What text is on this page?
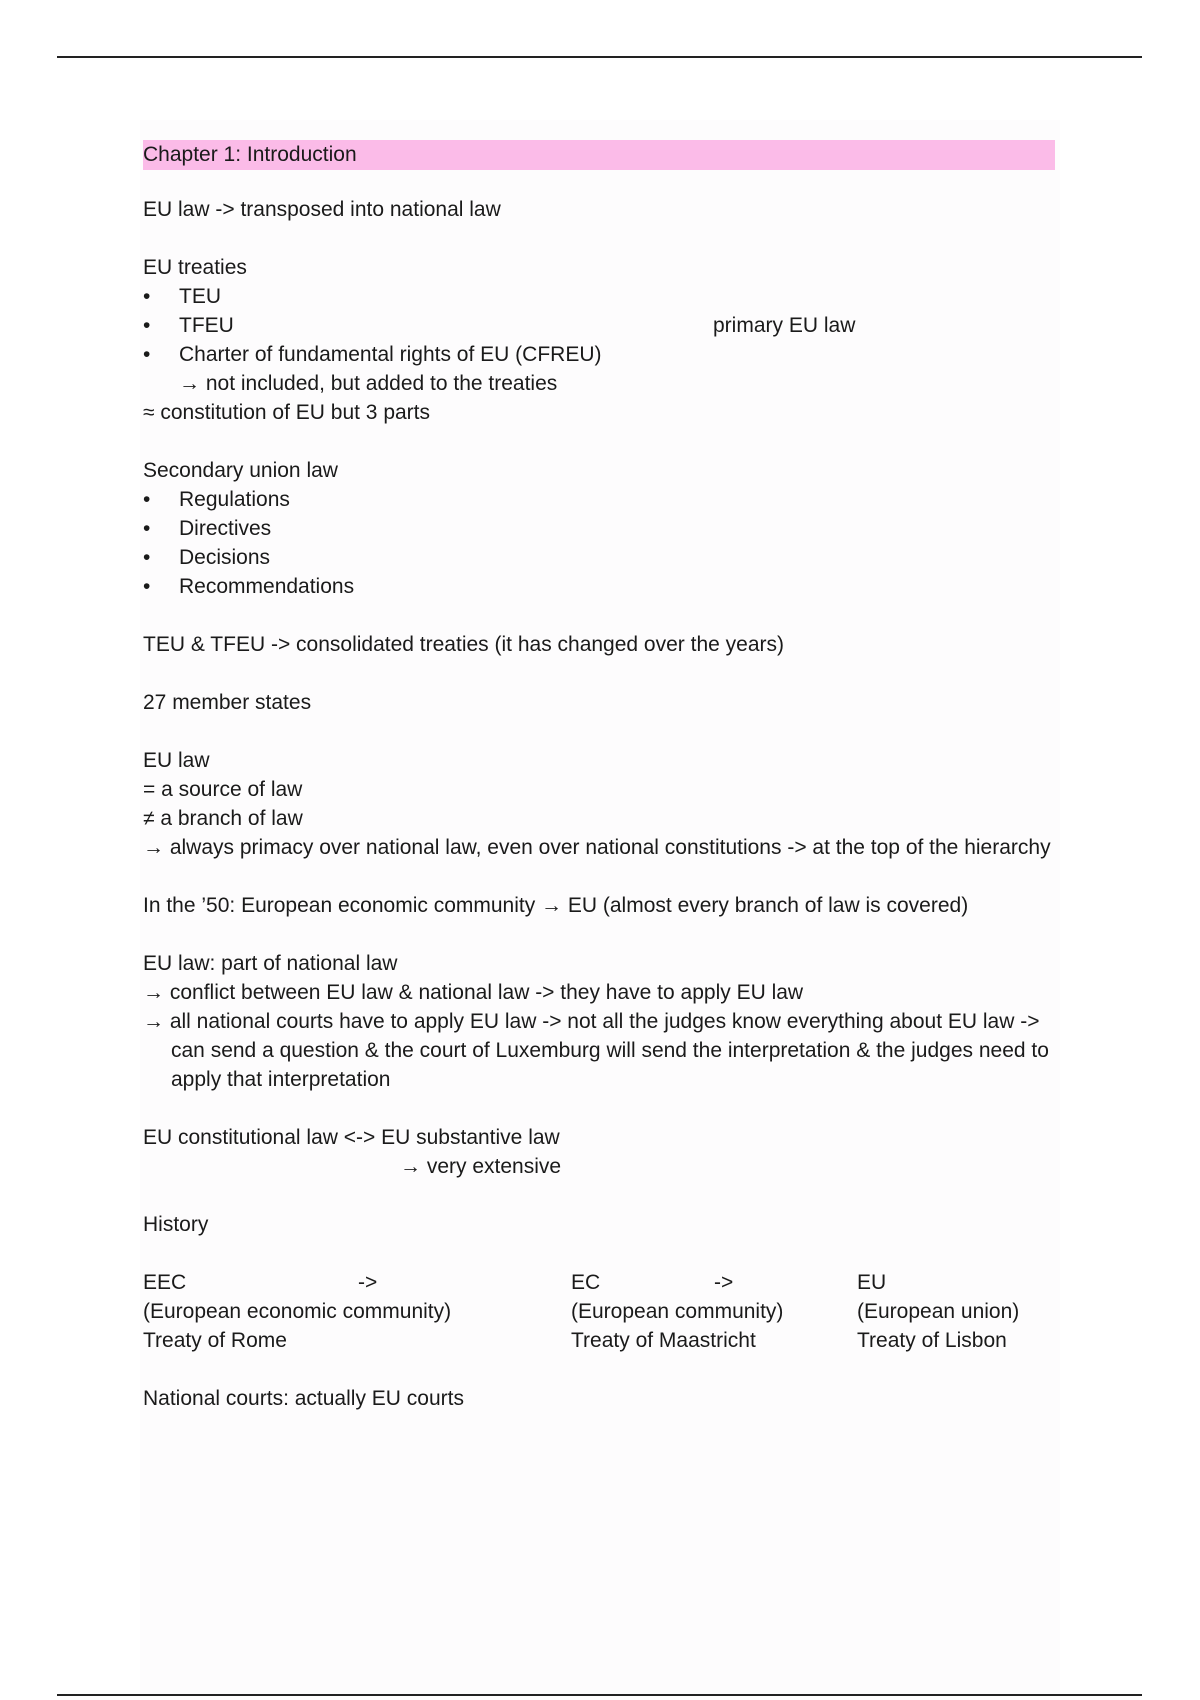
Chapter 1: Introduction

EU law -> transposed into national law

EU treaties

• TEU

• TFEU	primary EU law

• Charter of fundamental rights of EU (CFREU)

→ not included, but added to the treaties

≈ constitution of EU but 3 parts

Secondary union law

• Regulations

• Directives

• Decisions

• Recommendations

TEU & TFEU -> consolidated treaties (it has changed over the years)

27 member states

EU law

= a source of law

≠ a branch of law

→ always primacy over national law, even over national constitutions -> at the top of the hierarchy

In the ’50: European economic community → EU (almost every branch of law is covered)

EU law: part of national law

→ conflict between EU law & national law -> they have to apply EU law

→ all national courts have to apply EU law -> not all the judges know everything about EU law -> can send a question & the court of Luxemburg will send the interpretation & the judges need to apply that interpretation

EU constitutional law <-> EU substantive law

→ very extensive

History

EEC	->	EC	->	EU
(European economic community)	(European community)	(European union)
Treaty of Rome	Treaty of Maastricht	Treaty of Lisbon

National courts: actually EU courts
